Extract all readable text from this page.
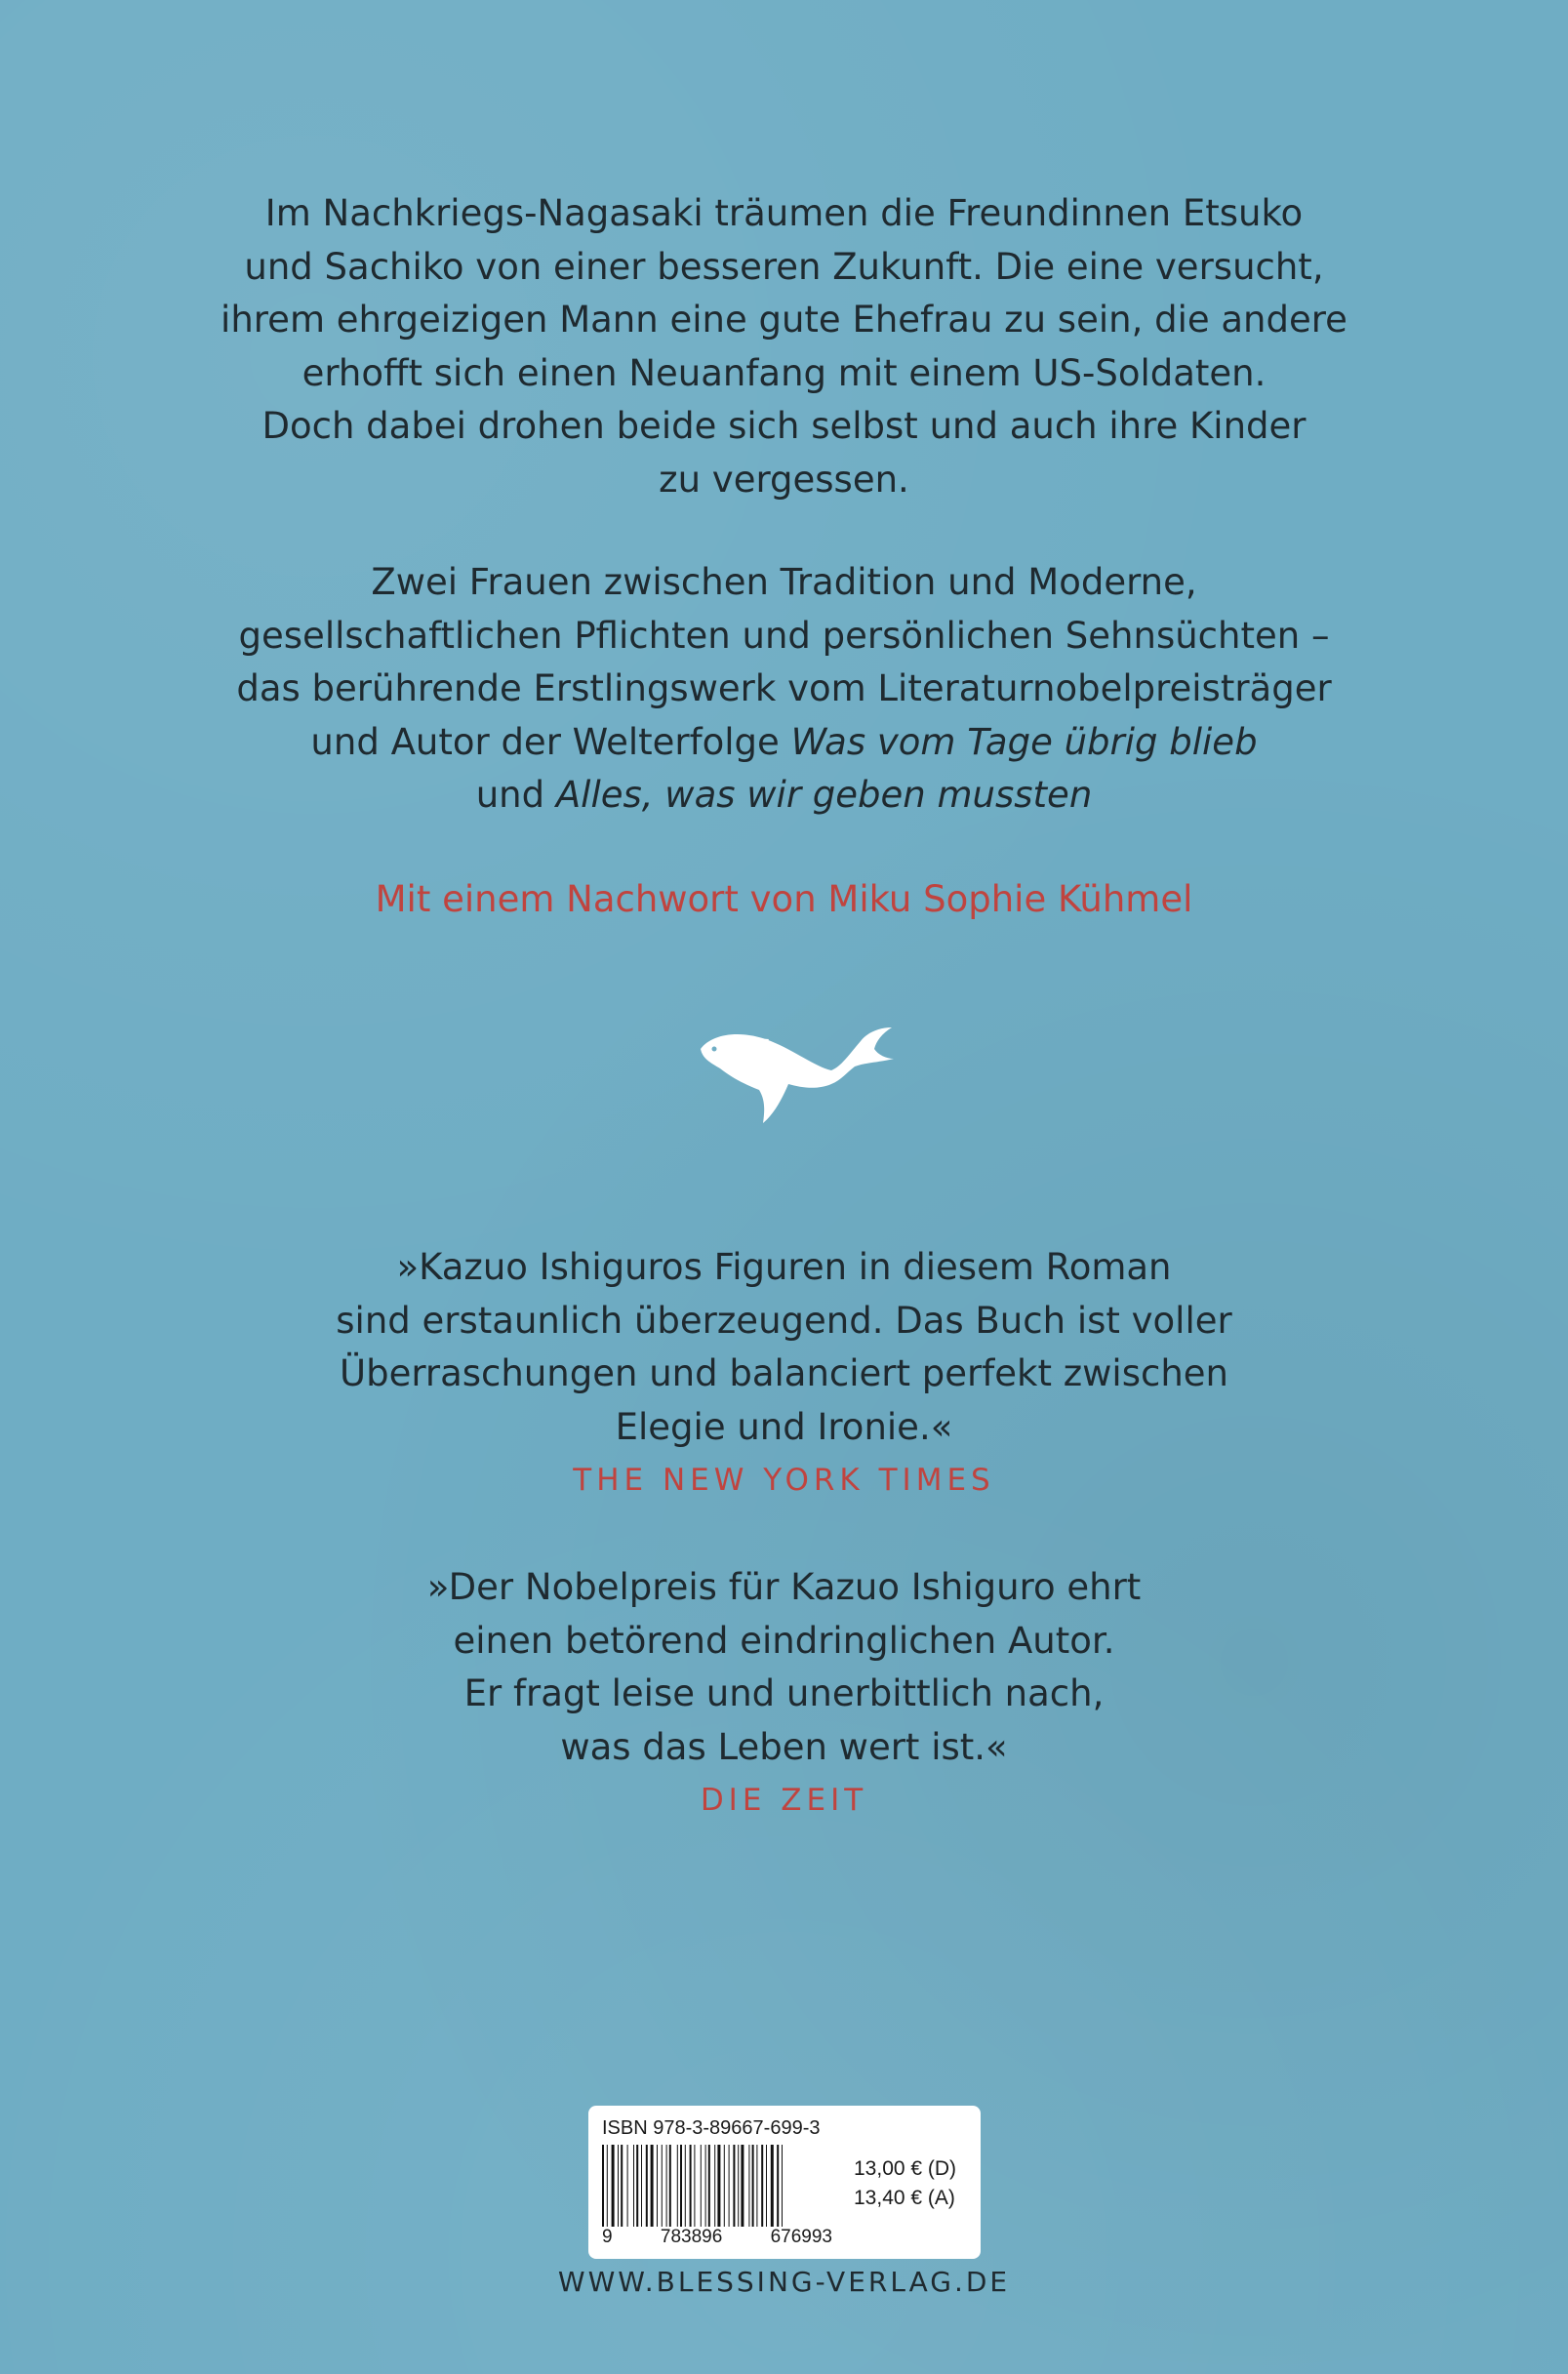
Im Nachkriegs-Nagasaki träumen die Freundinnen Etsuko
und Sachiko von einer besseren Zukunft. Die eine versucht,
ihrem ehrgeizigen Mann eine gute Ehefrau zu sein, die andere
erhofft sich einen Neuanfang mit einem US-Soldaten.
Doch dabei drohen beide sich selbst und auch ihre Kinder
zu vergessen.

Zwei Frauen zwischen Tradition und Moderne,
gesellschaftlichen Pflichten und persönlichen Sehnsüchten –
das berührende Erstlingswerk vom Literaturnobelpreisträger
und Autor der Welterfolge Was vom Tage übrig blieb
und Alles, was wir geben mussten

Mit einem Nachwort von Miku Sophie Kühmel

»Kazuo Ishiguros Figuren in diesem Roman
sind erstaunlich überzeugend. Das Buch ist voller
Überraschungen und balanciert perfekt zwischen
Elegie und Ironie.«
THE NEW YORK TIMES

»Der Nobelpreis für Kazuo Ishiguro ehrt
einen betörend eindringlichen Autor.
Er fragt leise und unerbittlich nach,
was das Leben wert ist.«
DIE ZEIT

ISBN 978-3-89667-699-3
9	783896	676993
13,00 € (D)
13,40 € (A)
WWW.BLESSING-VERLAG.DE
